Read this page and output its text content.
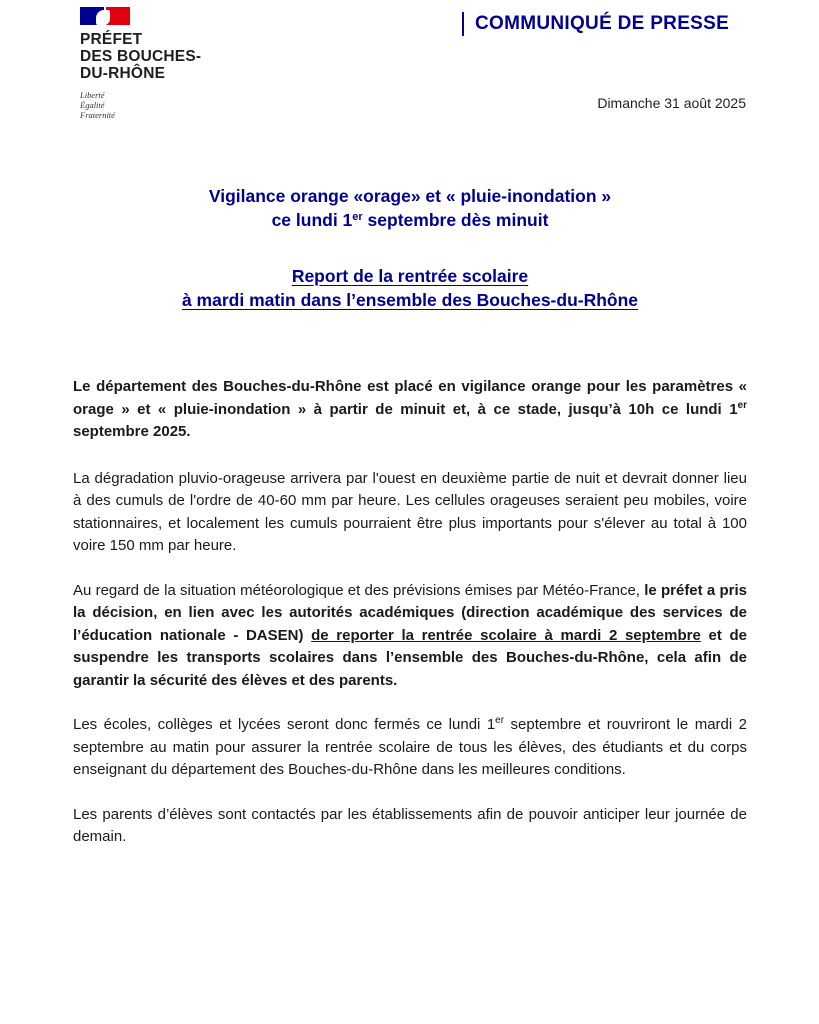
PRÉFET
DES BOUCHES-
DU-RHÔNE
Liberté
Égalité
Fraternité
COMMUNIQUÉ DE PRESSE
Dimanche 31 août 2025
Vigilance orange «orage» et « pluie-inondation »
ce lundi 1er septembre dès minuit
Report de la rentrée scolaire
à mardi matin dans l’ensemble des Bouches-du-Rhône

Le département des Bouches-du-Rhône est placé en vigilance orange pour les paramètres « orage » et « pluie-inondation » à partir de minuit et, à ce stade, jusqu’à 10h ce lundi 1er septembre 2025.

La dégradation pluvio-orageuse arrivera par l'ouest en deuxième partie de nuit et devrait donner lieu à des cumuls de l'ordre de 40-60 mm par heure. Les cellules orageuses seraient peu mobiles, voire stationnaires, et localement les cumuls pourraient être plus importants pour s'élever au total à 100 voire 150 mm par heure.

Au regard de la situation météorologique et des prévisions émises par Météo-France, le préfet a pris la décision, en lien avec les autorités académiques (direction académique des services de l’éducation nationale - DASEN) de reporter la rentrée scolaire à mardi 2 septembre et de suspendre les transports scolaires dans l’ensemble des Bouches-du-Rhône, cela afin de garantir la sécurité des élèves et des parents.

Les écoles, collèges et lycées seront donc fermés ce lundi 1er septembre et rouvriront le mardi 2 septembre au matin pour assurer la rentrée scolaire de tous les élèves, des étudiants et du corps enseignant du département des Bouches-du-Rhône dans les meilleures conditions.

Les parents d’élèves sont contactés par les établissements afin de pouvoir anticiper leur journée de demain.
